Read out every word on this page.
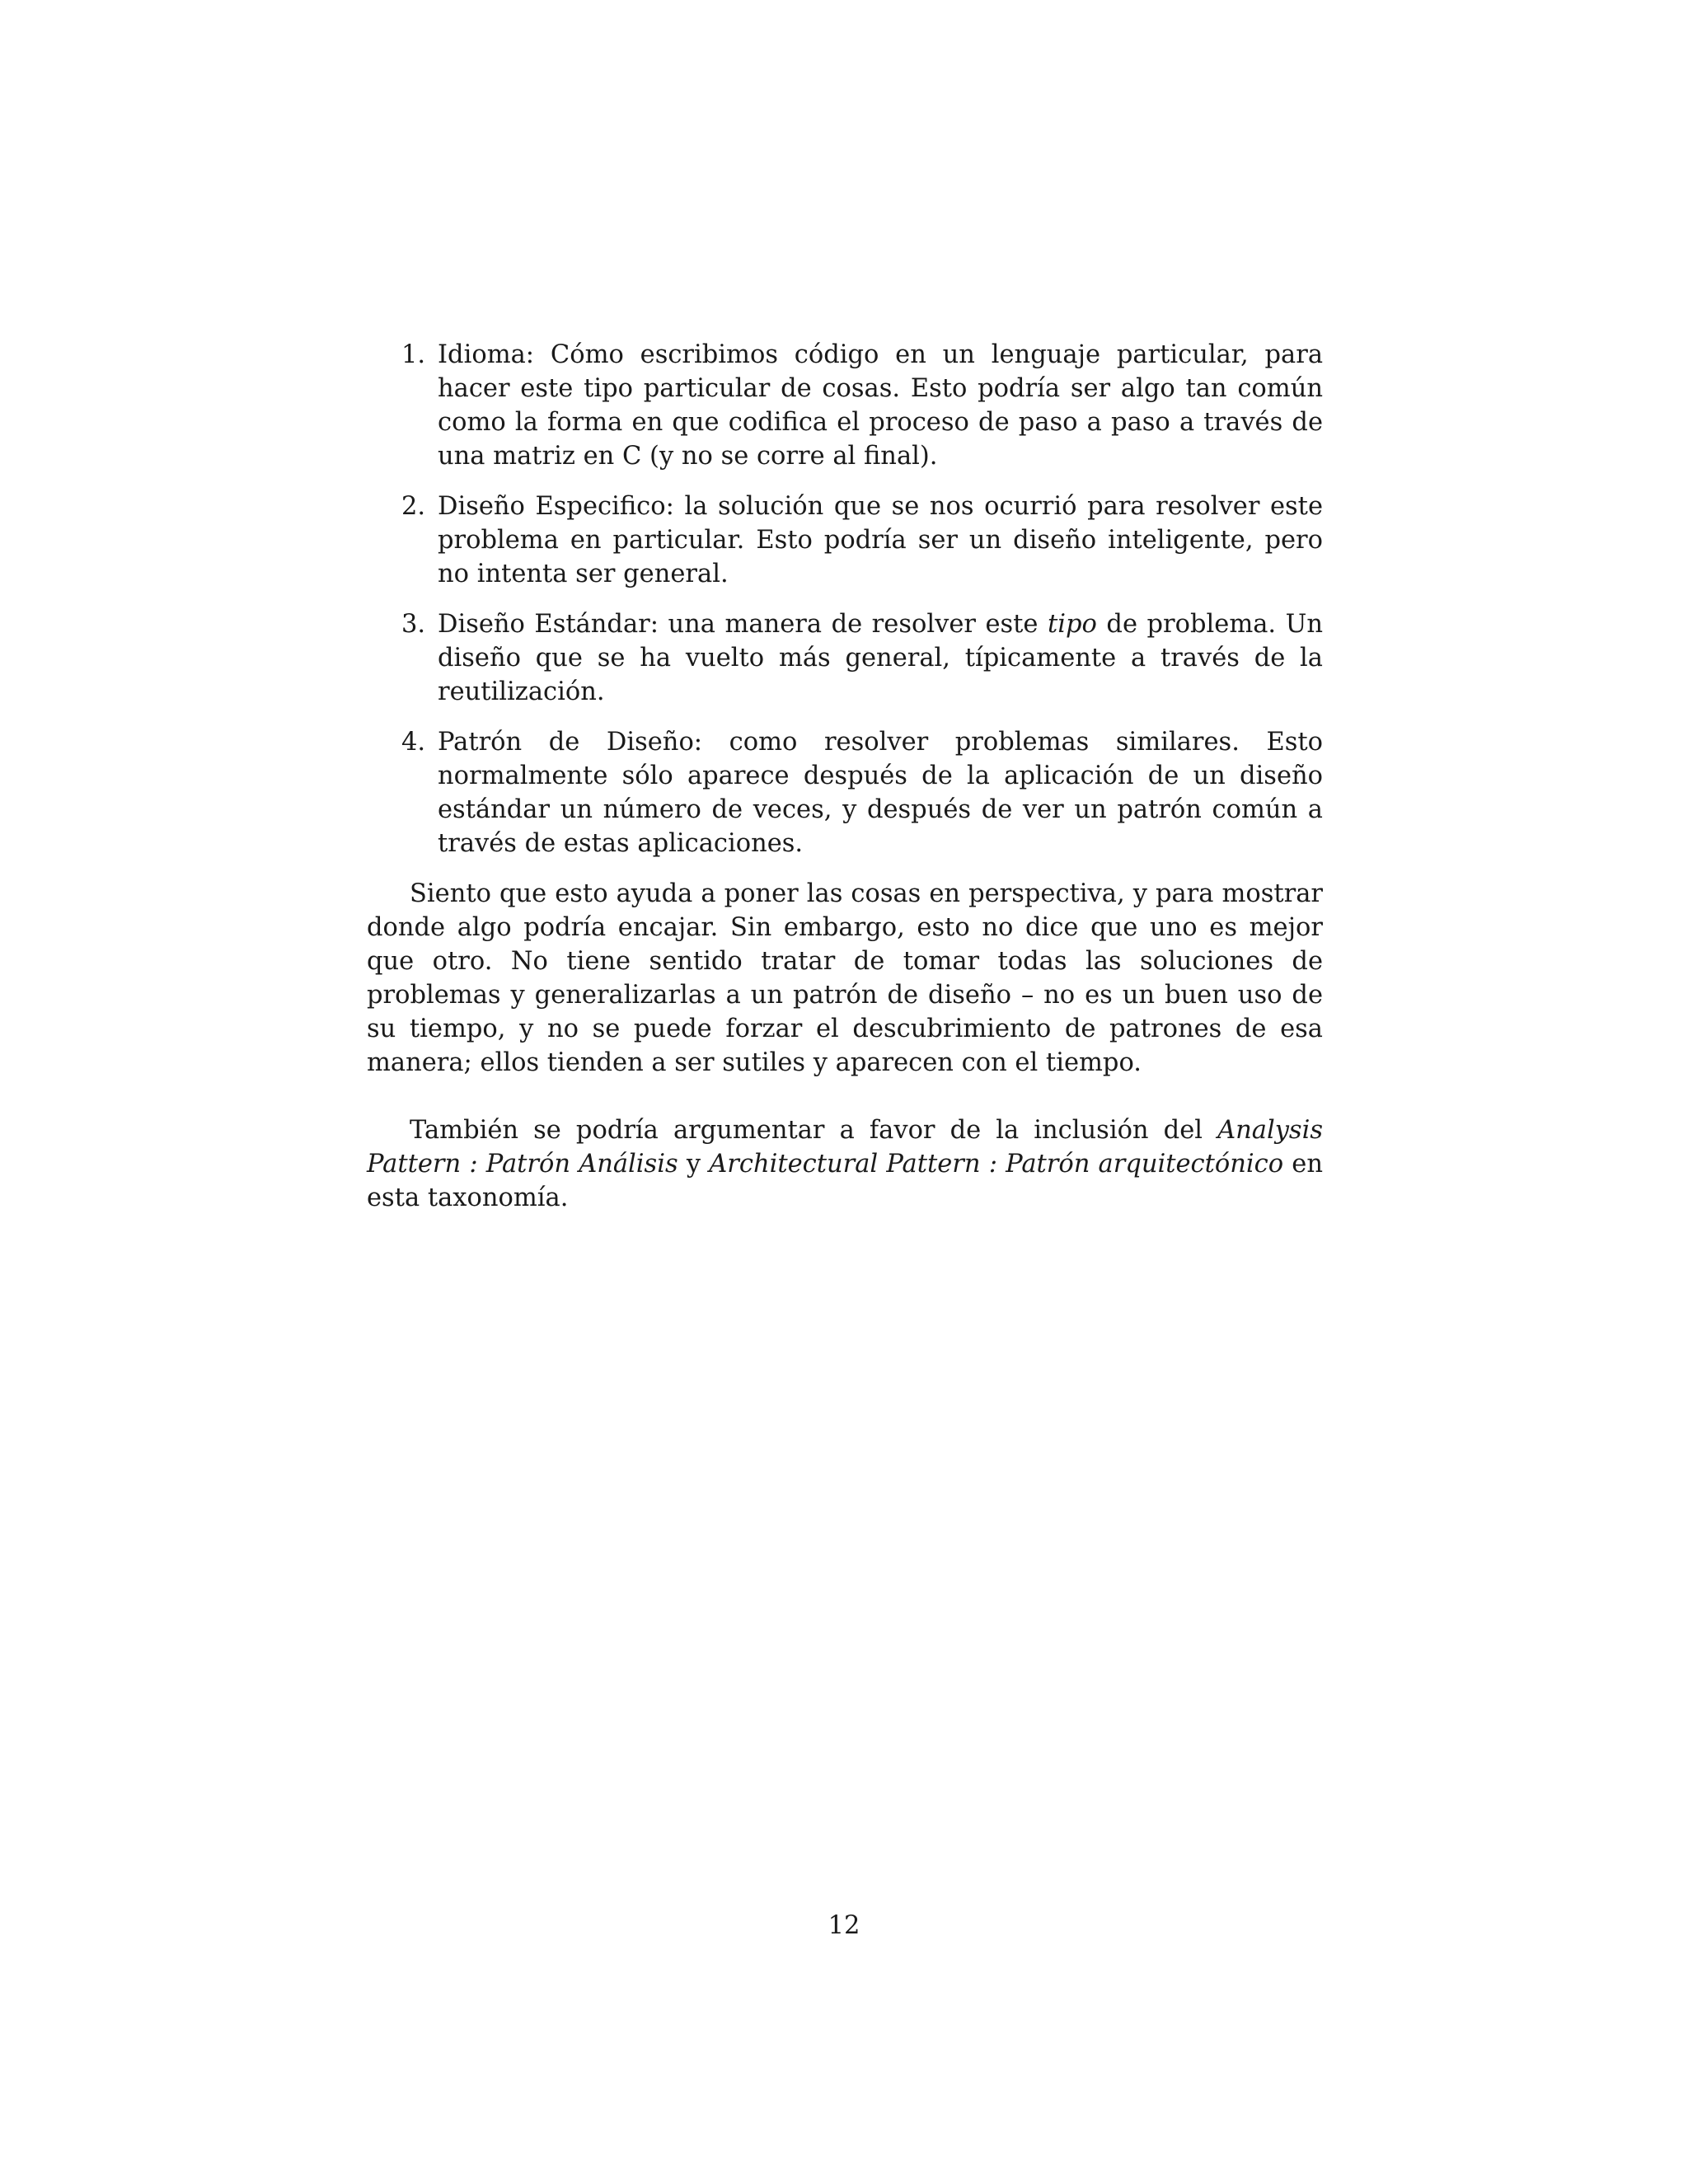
1. Idioma: Cómo escribimos código en un lenguaje particular, para hacer este tipo particular de cosas. Esto podría ser algo tan común como la forma en que codifica el proceso de paso a paso a través de una matriz en C (y no se corre al final).
2. Diseño Especifico: la solución que se nos ocurrió para resolver este problema en particular. Esto podría ser un diseño inteligente, pero no intenta ser general.
3. Diseño Estándar: una manera de resolver este tipo de problema. Un diseño que se ha vuelto más general, típicamente a través de la reutilización.
4. Patrón de Diseño: como resolver problemas similares. Esto normalmente sólo aparece después de la aplicación de un diseño estándar un número de veces, y después de ver un patrón común a través de estas aplicaciones.

Siento que esto ayuda a poner las cosas en perspectiva, y para mostrar donde algo podría encajar. Sin embargo, esto no dice que uno es mejor que otro. No tiene sentido tratar de tomar todas las soluciones de problemas y generalizarlas a un patrón de diseño – no es un buen uso de su tiempo, y no se puede forzar el descubrimiento de patrones de esa manera; ellos tienden a ser sutiles y aparecen con el tiempo.

También se podría argumentar a favor de la inclusión del Analysis Pattern : Patrón Análisis y Architectural Pattern : Patrón arquitectónico en esta taxonomía.

12
